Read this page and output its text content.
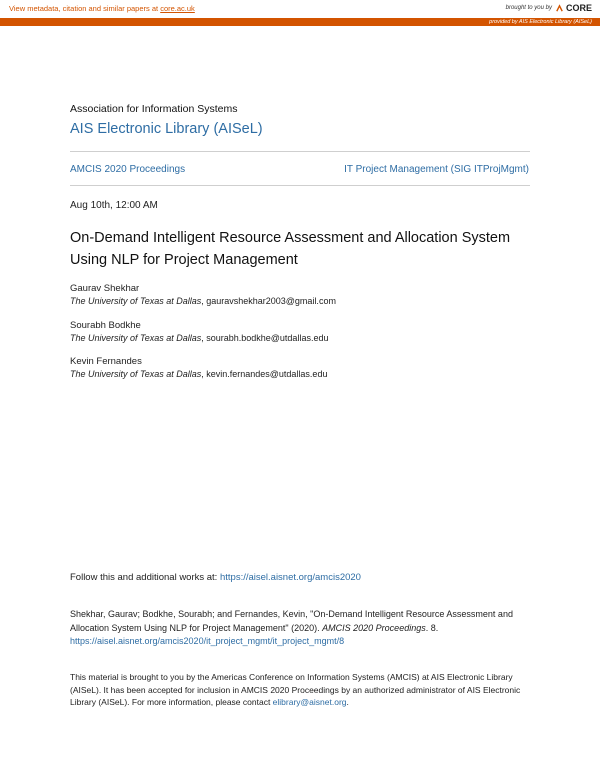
View metadata, citation and similar papers at core.ac.uk	brought to you by CORE
provided by AIS Electronic Library (AISeL)
Association for Information Systems
AIS Electronic Library (AISeL)
AMCIS 2020 Proceedings	IT Project Management (SIG ITProjMgmt)
Aug 10th, 12:00 AM
On-Demand Intelligent Resource Assessment and Allocation System Using NLP for Project Management
Gaurav Shekhar
The University of Texas at Dallas, gauravshekhar2003@gmail.com
Sourabh Bodkhe
The University of Texas at Dallas, sourabh.bodkhe@utdallas.edu
Kevin Fernandes
The University of Texas at Dallas, kevin.fernandes@utdallas.edu
Follow this and additional works at: https://aisel.aisnet.org/amcis2020
Shekhar, Gaurav; Bodkhe, Sourabh; and Fernandes, Kevin, "On-Demand Intelligent Resource Assessment and Allocation System Using NLP for Project Management" (2020). AMCIS 2020 Proceedings. 8.
https://aisel.aisnet.org/amcis2020/it_project_mgmt/it_project_mgmt/8
This material is brought to you by the Americas Conference on Information Systems (AMCIS) at AIS Electronic Library (AISeL). It has been accepted for inclusion in AMCIS 2020 Proceedings by an authorized administrator of AIS Electronic Library (AISeL). For more information, please contact elibrary@aisnet.org.
